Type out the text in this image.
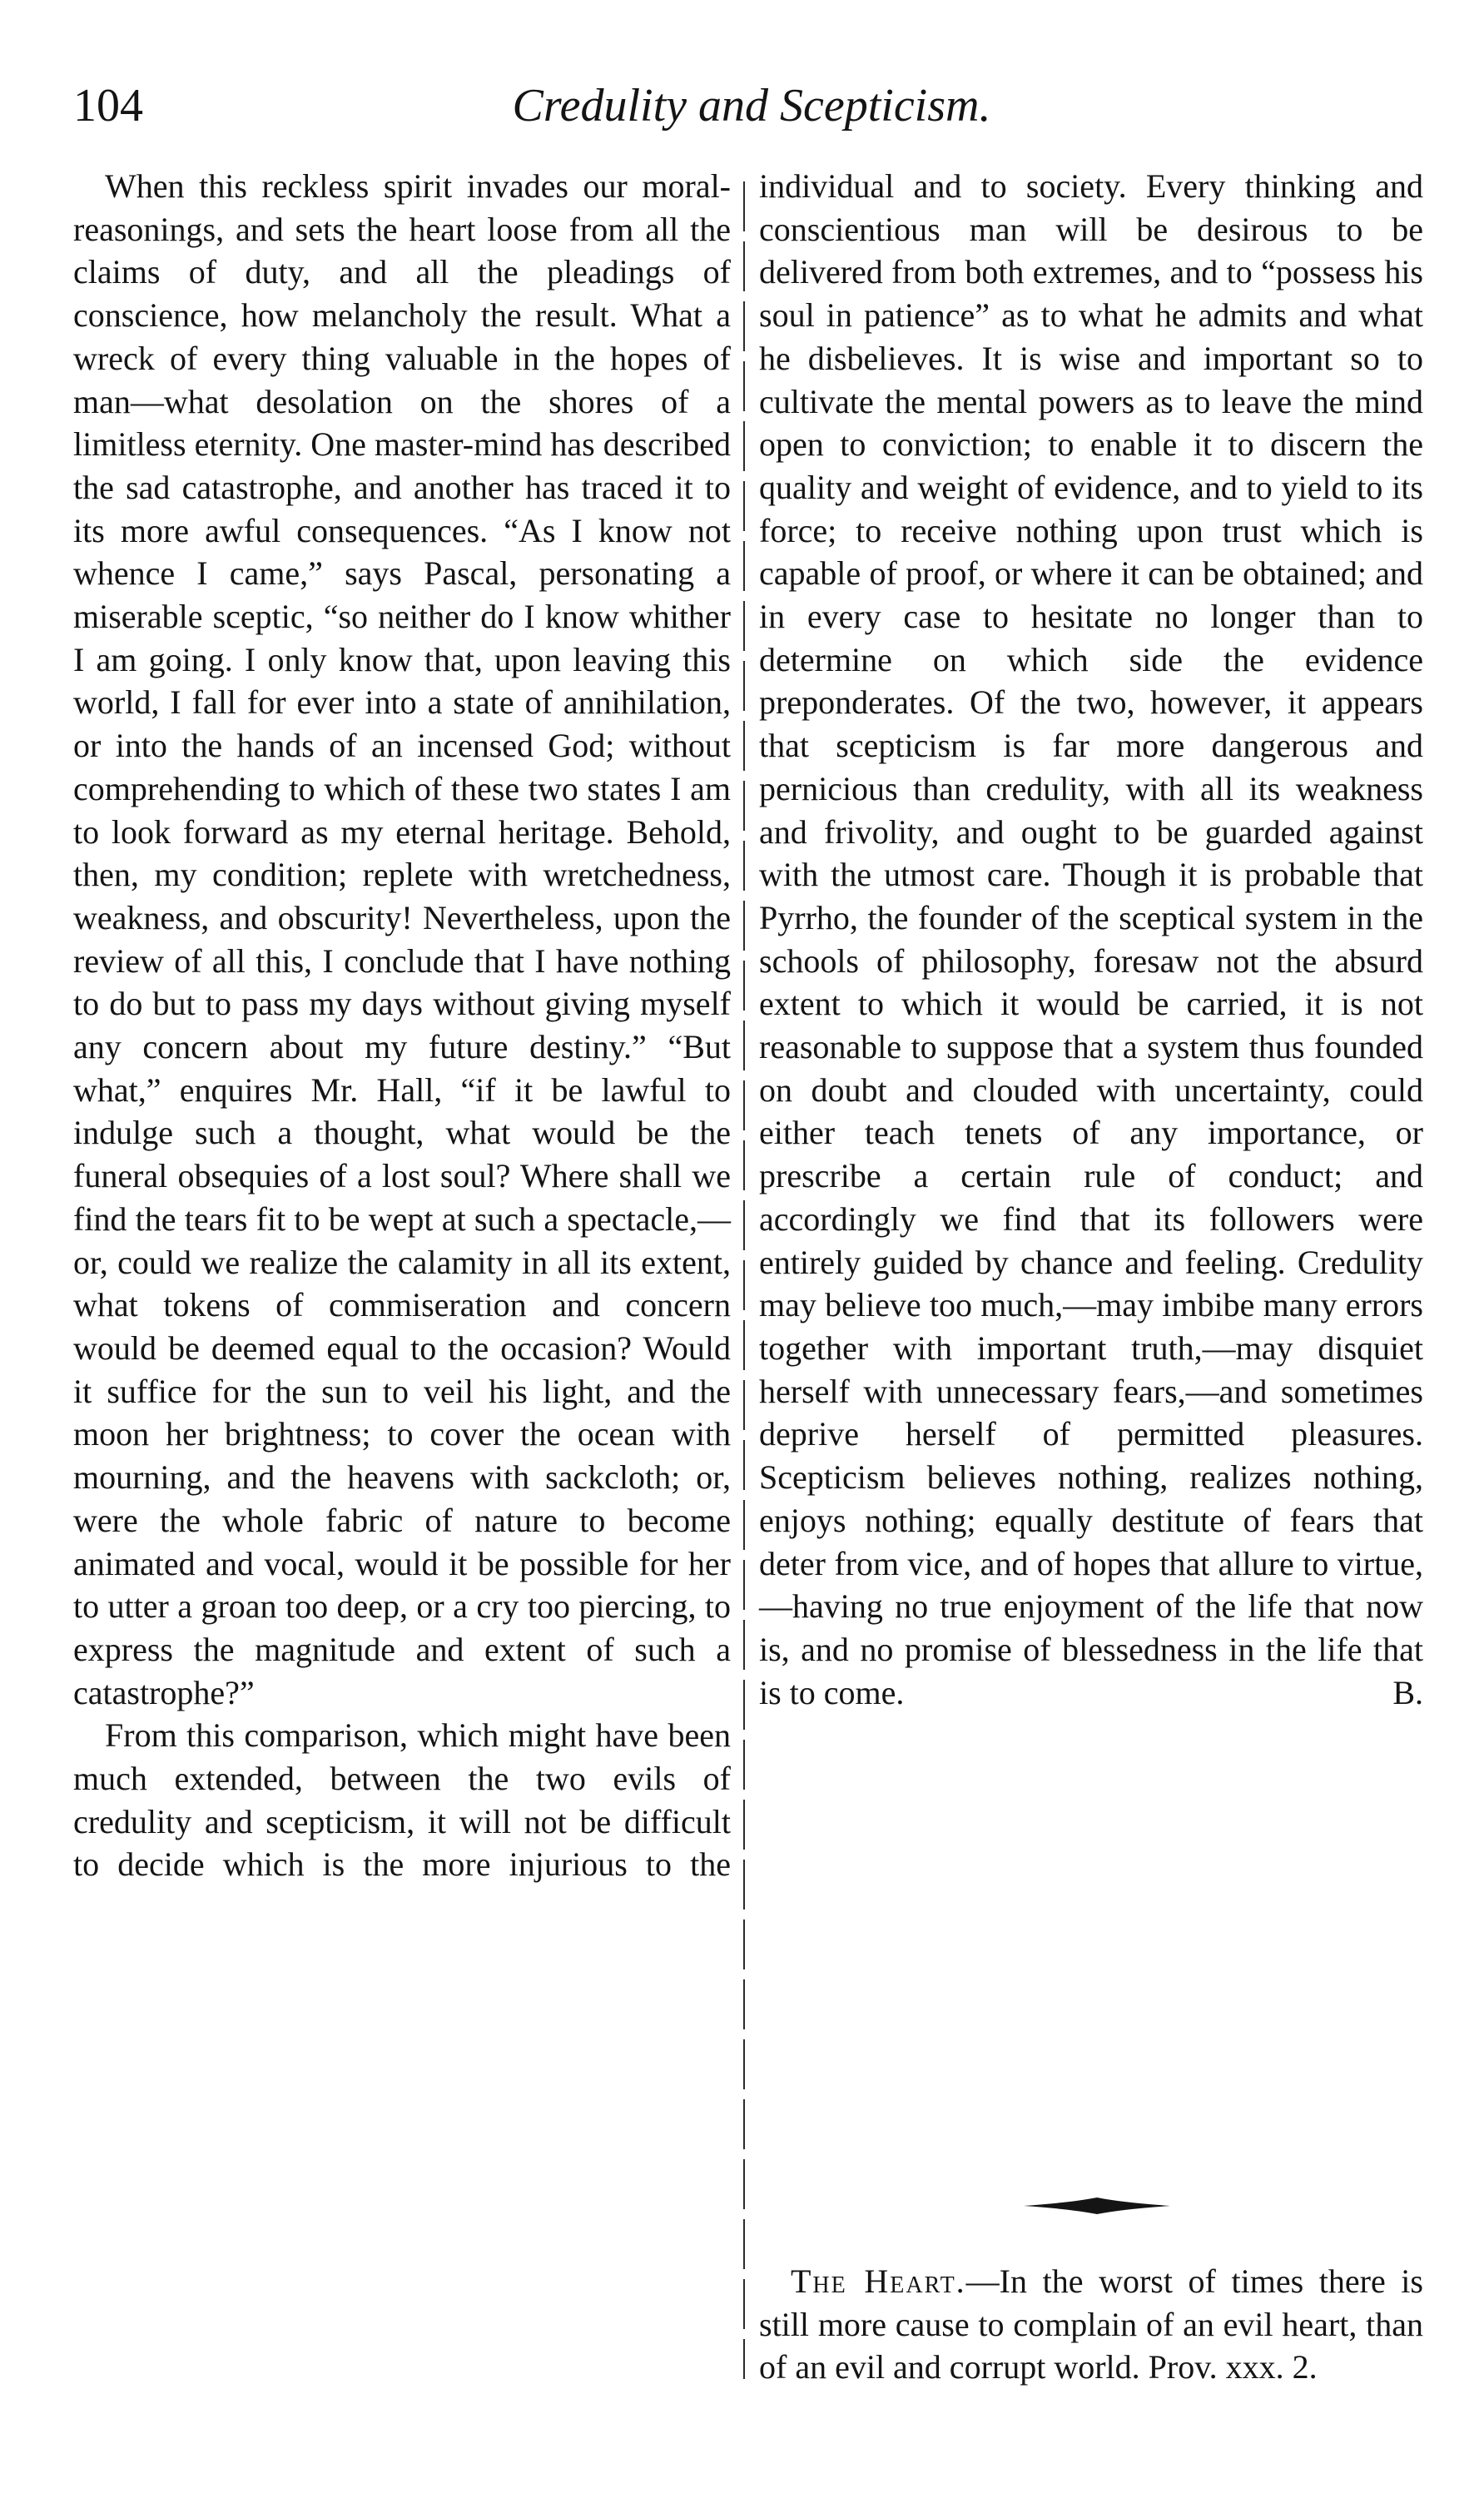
104	Credulity and Scepticism.

When this reckless spirit invades our moral-reasonings, and sets the heart loose from all the claims of duty, and all the pleadings of conscience, how melancholy the result. What a wreck of every thing valuable in the hopes of man—what desolation on the shores of a limitless eternity. One master-mind has described the sad catastrophe, and another has traced it to its more awful consequences. “As I know not whence I came,” says Pascal, personating a miserable sceptic, “so neither do I know whither I am going. I only know that, upon leaving this world, I fall for ever into a state of annihilation, or into the hands of an incensed God; without comprehending to which of these two states I am to look forward as my eternal heritage. Behold, then, my condition; replete with wretchedness, weakness, and obscurity! Nevertheless, upon the review of all this, I conclude that I have nothing to do but to pass my days without giving myself any concern about my future destiny.” “But what,” enquires Mr. Hall, “if it be lawful to indulge such a thought, what would be the funeral obsequies of a lost soul? Where shall we find the tears fit to be wept at such a spectacle,—or, could we realize the calamity in all its extent, what tokens of commiseration and concern would be deemed equal to the occasion? Would it suffice for the sun to veil his light, and the moon her brightness; to cover the ocean with mourning, and the heavens with sackcloth; or, were the whole fabric of nature to become animated and vocal, would it be possible for her to utter a groan too deep, or a cry too piercing, to express the magnitude and extent of such a catastrophe?”

From this comparison, which might have been much extended, between the two evils of credulity and scepticism, it will not be difficult to decide which is the more injurious to the

individual and to society. Every thinking and conscientious man will be desirous to be delivered from both extremes, and to “possess his soul in patience” as to what he admits and what he disbelieves. It is wise and important so to cultivate the mental powers as to leave the mind open to conviction; to enable it to discern the quality and weight of evidence, and to yield to its force; to receive nothing upon trust which is capable of proof, or where it can be obtained; and in every case to hesitate no longer than to determine on which side the evidence preponderates. Of the two, however, it appears that scepticism is far more dangerous and pernicious than credulity, with all its weakness and frivolity, and ought to be guarded against with the utmost care. Though it is probable that Pyrrho, the founder of the sceptical system in the schools of philosophy, foresaw not the absurd extent to which it would be carried, it is not reasonable to suppose that a system thus founded on doubt and clouded with uncertainty, could either teach tenets of any importance, or prescribe a certain rule of conduct; and accordingly we find that its followers were entirely guided by chance and feeling. Credulity may believe too much,—may imbibe many errors together with important truth,—may disquiet herself with unnecessary fears,—and sometimes deprive herself of permitted pleasures. Scepticism believes nothing, realizes nothing, enjoys nothing; equally destitute of fears that deter from vice, and of hopes that allure to virtue,—having no true enjoyment of the life that now is, and no promise of blessedness in the life that is to come.	B.

The Heart.—In the worst of times there is still more cause to complain of an evil heart, than of an evil and corrupt world. Prov. xxx. 2.
